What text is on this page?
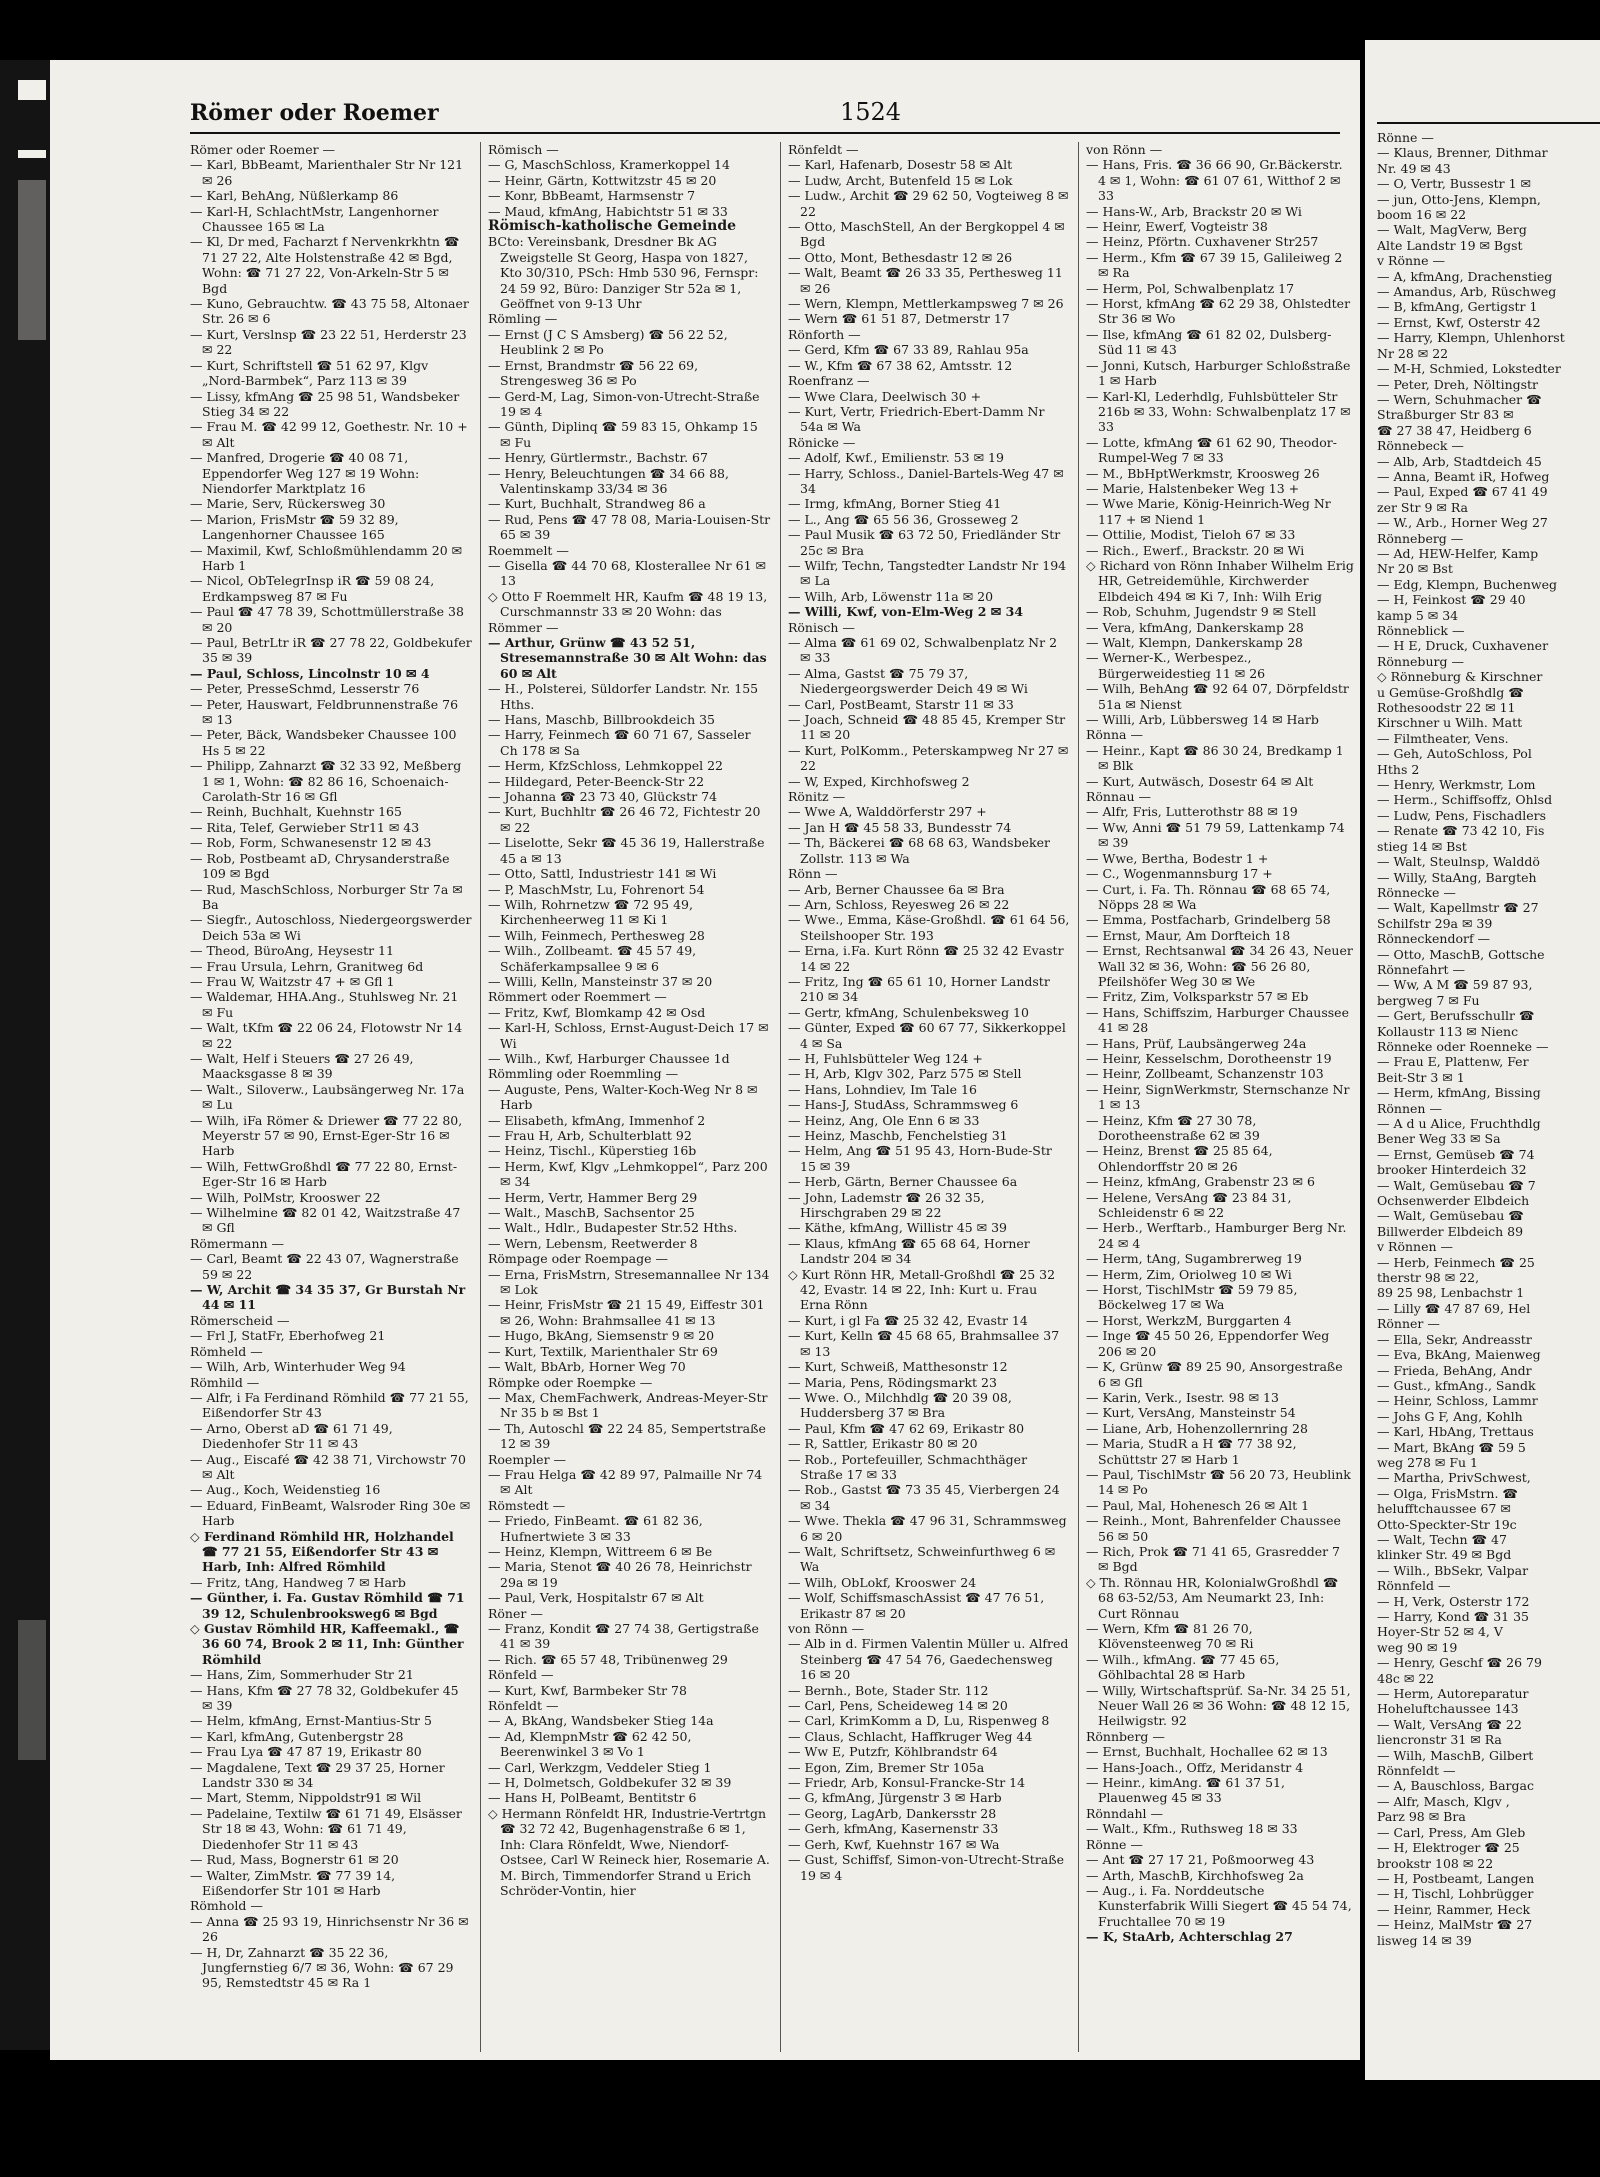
Römer oder Roemer	1524

Römer oder Roemer —

— Karl, BbBeamt, Marienthaler Str Nr 121 ✉ 26

— Karl, BehAng, Nüßlerkamp 86

— Karl-H, SchlachtMstr, Langenhorner Chaussee 165 ✉ La

— Kl, Dr med, Facharzt f Nervenkrkhtn ☎ 71 27 22, Alte Holstenstraße 42 ✉ Bgd, Wohn: ☎ 71 27 22, Von-Arkeln-Str 5 ✉ Bgd

— Kuno, Gebrauchtw. ☎ 43 75 58, Altonaer Str. 26 ✉ 6

— Kurt, Verslnsp ☎ 23 22 51, Herderstr 23 ✉ 22

— Kurt, Schriftstell ☎ 51 62 97, Klgv „Nord-Barmbek“, Parz 113 ✉ 39

— Lissy, kfmAng ☎ 25 98 51, Wandsbeker Stieg 34 ✉ 22

— Frau M. ☎ 42 99 12, Goethestr. Nr. 10 + ✉ Alt

— Manfred, Drogerie ☎ 40 08 71, Eppendorfer Weg 127 ✉ 19 Wohn: Niendorfer Marktplatz 16

— Marie, Serv, Rückersweg 30

— Marion, FrisMstr ☎ 59 32 89, Langenhorner Chaussee 165

— Maximil, Kwf, Schloßmühlendamm 20 ✉ Harb 1

— Nicol, ObTelegrInsp iR ☎ 59 08 24, Erdkampsweg 87 ✉ Fu

— Paul ☎ 47 78 39, Schottmüllerstraße 38 ✉ 20

— Paul, BetrLtr iR ☎ 27 78 22, Goldbekufer 35 ✉ 39

— Paul, Schloss, Lincolnstr 10 ✉ 4

— Peter, PresseSchmd, Lesserstr 76

— Peter, Hauswart, Feldbrunnenstraße 76 ✉ 13

— Peter, Bäck, Wandsbeker Chaussee 100 Hs 5 ✉ 22

— Philipp, Zahnarzt ☎ 32 33 92, Meßberg 1 ✉ 1, Wohn: ☎ 82 86 16, Schoenaich-Carolath-Str 16 ✉ Gfl

— Reinh, Buchhalt, Kuehnstr 165

— Rita, Telef, Gerwieber Str11 ✉ 43

— Rob, Form, Schwanesenstr 12 ✉ 43

— Rob, Postbeamt aD, Chrysanderstraße 109 ✉ Bgd

— Rud, MaschSchloss, Norburger Str 7a ✉ Ba

— Siegfr., Autoschloss, Niedergeorgswerder Deich 53a ✉ Wi

— Theod, BüroAng, Heysestr 11

— Frau Ursula, Lehrn, Granitweg 6d

— Frau W, Waitzstr 47 + ✉ Gfl 1

— Waldemar, HHA.Ang., Stuhlsweg Nr. 21 ✉ Fu

— Walt, tKfm ☎ 22 06 24, Flotowstr Nr 14 ✉ 22

— Walt, Helf i Steuers ☎ 27 26 49, Maacksgasse 8 ✉ 39

— Walt., Siloverw., Laubsängerweg Nr. 17a ✉ Lu

— Wilh, iFa Römer & Driewer ☎ 77 22 80, Meyerstr 57 ✉ 90, Ernst-Eger-Str 16 ✉ Harb

— Wilh, FettwGroßhdl ☎ 77 22 80, Ernst-Eger-Str 16 ✉ Harb

— Wilh, PolMstr, Krooswег 22

— Wilhelmine ☎ 82 01 42, Waitzstraße 47 ✉ Gfl

Römermann —

— Carl, Beamt ☎ 22 43 07, Wagnerstraße 59 ✉ 22

— W, Archit ☎ 34 35 37, Gr Burstah Nr 44 ✉ 11

Römerscheid —

— Frl J, StatFr, Eberhofweg 21

Römheld —

— Wilh, Arb, Winterhuder Weg 94

Römhild —

— Alfr, i Fa Ferdinand Römhild ☎ 77 21 55, Eißendorfer Str 43

— Arno, Oberst aD ☎ 61 71 49, Diedenhofer Str 11 ✉ 43

— Aug., Eiscafé ☎ 42 38 71, Virchowstr 70 ✉ Alt

— Aug., Koch, Weidenstieg 16

— Eduard, FinBeamt, Walsroder Ring 30e ✉ Harb

◇ Ferdinand Römhild HR, Holzhandel ☎ 77 21 55, Eißendorfer Str 43 ✉ Harb, Inh: Alfred Römhild

— Fritz, tAng, Handweg 7 ✉ Harb

— Günther, i. Fa. Gustav Römhild ☎ 71 39 12, Schulenbrooksweg6 ✉ Bgd

◇ Gustav Römhild HR, Kaffeemakl., ☎ 36 60 74, Brook 2 ✉ 11, Inh: Günther Römhild

— Hans, Zim, Sommerhuder Str 21

— Hans, Kfm ☎ 27 78 32, Goldbekufer 45 ✉ 39

— Helm, kfmAng, Ernst-Mantius-Str 5

— Karl, kfmAng, Gutenbergstr 28

— Frau Lya ☎ 47 87 19, Erikastr 80

— Magdalene, Text ☎ 29 37 25, Horner Landstr 330 ✉ 34

— Mart, Stemm, Nippoldstr91 ✉ Wil

— Padelaine, Textilw ☎ 61 71 49, Elsässer Str 18 ✉ 43, Wohn: ☎ 61 71 49, Diedenhofer Str 11 ✉ 43

— Rud, Mass, Bognerstr 61 ✉ 20

— Walter, ZimMstr. ☎ 77 39 14, Eißendorfer Str 101 ✉ Harb

Römhold —

— Anna ☎ 25 93 19, Hinrichsenstr Nr 36 ✉ 26

— H, Dr, Zahnarzt ☎ 35 22 36, Jungfernstieg 6/7 ✉ 36, Wohn: ☎ 67 29 95, Remstedtstr 45 ✉ Ra 1

Römisch —

— G, MaschSchloss, Kramerkoppel 14

— Heinr, Gärtn, Kottwitzstr 45 ✉ 20

— Konr, BbBeamt, Harmsenstr 7

— Maud, kfmAng, Habichtstr 51 ✉ 33

Römisch-katholische Gemeinde

BCto: Vereinsbank, Dresdner Bk AG Zweigstelle St Georg, Haspa von 1827, Kto 30/310, PSch: Hmb 530 96, Fernspr: 24 59 92, Büro: Danziger Str 52a ✉ 1, Geöffnet von 9-13 Uhr

Römling —

— Ernst (J C S Amsberg) ☎ 56 22 52, Heublink 2 ✉ Po

— Ernst, Brandmstr ☎ 56 22 69, Strengesweg 36 ✉ Po

— Gerd-M, Lag, Simon-von-Utrecht-Straße 19 ✉ 4

— Günth, Diplinq ☎ 59 83 15, Ohkamp 15 ✉ Fu

— Henry, Gürtlermstr., Bachstr. 67

— Henry, Beleuchtungen ☎ 34 66 88, Valentinskamp 33/34 ✉ 36

— Kurt, Buchhalt, Strandweg 86 a

— Rud, Pens ☎ 47 78 08, Maria-Louisen-Str 65 ✉ 39

Roemmelt —

— Gisella ☎ 44 70 68, Klosterallee Nr 61 ✉ 13

◇ Otto F Roemmelt HR, Kaufm ☎ 48 19 13, Curschmannstr 33 ✉ 20 Wohn: das

Römmer —

— Arthur, Grünw ☎ 43 52 51, Stresemannstraße 30 ✉ Alt Wohn: das 60 ✉ Alt

— H., Polsterei, Süldorfer Landstr. Nr. 155 Hths.

— Hans, Maschb, Billbrookdeich 35

— Harry, Feinmech ☎ 60 71 67, Sasseler Ch 178 ✉ Sa

— Herm, KfzSchloss, Lehmkoppel 22

— Hildegard, Peter-Beenck-Str 22

— Johanna ☎ 23 73 40, Glückstr 74

— Kurt, Buchhltr ☎ 26 46 72, Fichtestr 20 ✉ 22

— Liselotte, Sekr ☎ 45 36 19, Hallerstraße 45 a ✉ 13

— Otto, Sattl, Industriestr 141 ✉ Wi

— P, MaschMstr, Lu, Fohrenort 54

— Wilh, Rohrnetzw ☎ 72 95 49, Kirchenheerweg 11 ✉ Ki 1

— Wilh, Feinmech, Perthesweg 28

— Wilh., Zollbeamt. ☎ 45 57 49, Schäferkampsallee 9 ✉ 6

— Willi, Kelln, Mansteinstr 37 ✉ 20

Römmert oder Roemmert —

— Fritz, Kwf, Blomkamp 42 ✉ Osd

— Karl-H, Schloss, Ernst-August-Deich 17 ✉ Wi

— Wilh., Kwf, Harburger Chaussee 1d

Römmling oder Roemmling —

— Auguste, Pens, Walter-Koch-Weg Nr 8 ✉ Harb

— Elisabeth, kfmAng, Immenhof 2

— Frau H, Arb, Schulterblatt 92

— Heinz, Tischl., Küperstieg 16b

— Herm, Kwf, Klgv „Lehmkoppel“, Parz 200 ✉ 34

— Herm, Vertr, Hammer Berg 29

— Walt., MaschB, Sachsentor 25

— Walt., Hdlr., Budapester Str.52 Hths.

— Wern, Lebensm, Reetwerder 8

Römpage oder Roempage —

— Erna, FrisMstrn, Stresemannallee Nr 134 ✉ Lok

— Heinr, FrisMstr ☎ 21 15 49, Eiffestr 301 ✉ 26, Wohn: Brahmsallee 41 ✉ 13

— Hugo, BkAng, Siemsenstr 9 ✉ 20

— Kurt, Textilk, Marienthaler Str 69

— Walt, BbArb, Horner Weg 70

Römpke oder Roempke —

— Max, ChemFachwerk, Andreas-Meyer-Str Nr 35 b ✉ Bst 1

— Th, Autoschl ☎ 22 24 85, Sempertstraße 12 ✉ 39

Roempler —

— Frau Helga ☎ 42 89 97, Palmaille Nr 74 ✉ Alt

Römstedt —

— Friedo, FinBeamt. ☎ 61 82 36, Hufnertwiete 3 ✉ 33

— Heinz, Klempn, Wittreem 6 ✉ Be

— Maria, Stenot ☎ 40 26 78, Heinrichstr 29a ✉ 19

— Paul, Verk, Hospitalstr 67 ✉ Alt

Röner —

— Franz, Kondit ☎ 27 74 38, Gertigstraße 41 ✉ 39

— Rich. ☎ 65 57 48, Tribünenweg 29

Rönfeld —

— Kurt, Kwf, Barmbeker Str 78

Rönfeldt —

— A, BkAng, Wandsbeker Stieg 14a

— Ad, KlempnMstr ☎ 62 42 50, Beerenwinkel 3 ✉ Vo 1

— Carl, Werkzgm, Veddeler Stieg 1

— H, Dolmetsch, Goldbekufer 32 ✉ 39

— Hans H, PolBeamt, Bentitstr 6

◇ Hermann Rönfeldt HR, Industrie-Vertrtgn ☎ 32 72 42, Bugenhagenstraße 6 ✉ 1, Inh: Clara Rönfeldt, Wwe, Niendorf-Ostsee, Carl W Reineck hier, Rosemarie A. M. Birch, Timmendorfer Strand u Erich Schröder-Vontin, hier

Rönfeldt —

— Karl, Hafenarb, Dosestr 58 ✉ Alt

— Ludw, Archt, Butenfeld 15 ✉ Lok

— Ludw., Archit ☎ 29 62 50, Vogteiweg 8 ✉ 22

— Otto, MaschStell, An der Bergkoppel 4 ✉ Bgd

— Otto, Mont, Bethesdastr 12 ✉ 26

— Walt, Beamt ☎ 26 33 35, Perthesweg 11 ✉ 26

— Wern, Klempn, Mettlerkampsweg 7 ✉ 26

— Wern ☎ 61 51 87, Detmerstr 17

Rönforth —

— Gerd, Kfm ☎ 67 33 89, Rahlau 95a

— W., Kfm ☎ 67 38 62, Amtsstr. 12

Roenfranz —

— Wwe Clara, Deelwisch 30 +

— Kurt, Vertr, Friedrich-Ebert-Damm Nr 54a ✉ Wa

Rönicke —

— Adolf, Kwf., Emilienstr. 53 ✉ 19

— Harry, Schloss., Daniel-Bartels-Weg 47 ✉ 34

— Irmg, kfmAng, Borner Stieg 41

— L., Ang ☎ 65 56 36, Grosseweg 2

— Paul Musik ☎ 63 72 50, Friedländer Str 25c ✉ Bra

— Wilfr, Techn, Tangstedter Landstr Nr 194 ✉ La

— Wilh, Arb, Löwenstr 11a ✉ 20

— Willi, Kwf, von-Elm-Weg 2 ✉ 34

Rönisch —

— Alma ☎ 61 69 02, Schwalbenplatz Nr 2 ✉ 33

— Alma, Gastst ☎ 75 79 37, Niedergeorgswerder Deich 49 ✉ Wi

— Carl, PostBeamt, Starstr 11 ✉ 33

— Joach, Schneid ☎ 48 85 45, Kremper Str 11 ✉ 20

— Kurt, PolKomm., Peterskampweg Nr 27 ✉ 22

— W, Exped, Kirchhofsweg 2

Rönitz —

— Wwe A, Walddörferstr 297 +

— Jan H ☎ 45 58 33, Bundesstr 74

— Th, Bäckerei ☎ 68 68 63, Wandsbeker Zollstr. 113 ✉ Wa

Rönn —

— Arb, Berner Chaussee 6a ✉ Bra

— Arn, Schloss, Reyesweg 26 ✉ 22

— Wwe., Emma, Käse-Großhdl. ☎ 61 64 56, Steilshooper Str. 193

— Erna, i.Fa. Kurt Rönn ☎ 25 32 42 Evastr 14 ✉ 22

— Fritz, Ing ☎ 65 61 10, Horner Landstr 210 ✉ 34

— Gertr, kfmAng, Schulenbeksweg 10

— Günter, Exped ☎ 60 67 77, Sikkerkoppel 4 ✉ Sa

— H, Fuhlsbütteler Weg 124 +

— H, Arb, Klgv 302, Parz 575 ✉ Stell

— Hans, Lohndiev, Im Tale 16

— Hans-J, StudAss, Schrammsweg 6

— Heinz, Ang, Ole Enn 6 ✉ 33

— Heinz, Maschb, Fenchelstieg 31

— Helm, Ang ☎ 51 95 43, Horn-Bude-Str 15 ✉ 39

— Herb, Gärtn, Berner Chaussee 6a

— John, Lademstr ☎ 26 32 35, Hirschgraben 29 ✉ 22

— Käthe, kfmAng, Willistr 45 ✉ 39

— Klaus, kfmAng ☎ 65 68 64, Horner Landstr 204 ✉ 34

◇ Kurt Rönn HR, Metall-Großhdl ☎ 25 32 42, Evastr. 14 ✉ 22, Inh: Kurt u. Frau Erna Rönn

— Kurt, i gl Fa ☎ 25 32 42, Evastr 14

— Kurt, Kelln ☎ 45 68 65, Brahmsallee 37 ✉ 13

— Kurt, Schweiß, Matthesonstr 12

— Maria, Pens, Rödingsmarkt 23

— Wwe. O., Milchhdlg ☎ 20 39 08, Huddersberg 37 ✉ Bra

— Paul, Kfm ☎ 47 62 69, Erikastr 80

— R, Sattler, Erikastr 80 ✉ 20

— Rob., Portefeuiller, Schmachthäger Straße 17 ✉ 33

— Rob., Gastst ☎ 73 35 45, Vierbergen 24 ✉ 34

— Wwe. Thekla ☎ 47 96 31, Schrammsweg 6 ✉ 20

— Walt, Schriftsetz, Schweinfurthweg 6 ✉ Wa

— Wilh, ObLokf, Krooswег 24

— Wolf, SchiffsmaschAssist ☎ 47 76 51, Erikastr 87 ✉ 20

von Rönn —

— Alb in d. Firmen Valentin Müller u. Alfred Steinberg ☎ 47 54 76, Gaedechensweg 16 ✉ 20

— Bernh., Bote, Stader Str. 112

— Carl, Pens, Scheideweg 14 ✉ 20

— Carl, KrimKomm a D, Lu, Rispenweg 8

— Claus, Schlacht, Haffkruger Weg 44

— Ww E, Putzfr, Köhlbrandstr 64

— Egon, Zim, Bremer Str 105a

— Friedr, Arb, Konsul-Francke-Str 14

— G, kfmAng, Jürgenstr 3 ✉ Harb

— Georg, LagArb, Dankersstr 28

— Gerh, kfmAng, Kasernenstr 33

— Gerh, Kwf, Kuehnstr 167 ✉ Wa

— Gust, Schiffsf, Simon-von-Utrecht-Straße 19 ✉ 4

von Rönn —

— Hans, Fris. ☎ 36 66 90, Gr.Bäckerstr. 4 ✉ 1, Wohn: ☎ 61 07 61, Witthof 2 ✉ 33

— Hans-W., Arb, Brackstr 20 ✉ Wi

— Heinr, Ewerf, Vogteistr 38

— Heinz, Pförtn. Cuxhavener Str257

— Herm., Kfm ☎ 67 39 15, Galileiweg 2 ✉ Ra

— Herm, Pol, Schwalbenplatz 17

— Horst, kfmAng ☎ 62 29 38, Ohlstedter Str 36 ✉ Wo

— Ilse, kfmAng ☎ 61 82 02, Dulsberg-Süd 11 ✉ 43

— Jonni, Kutsch, Harburger Schloßstraße 1 ✉ Harb

— Karl-Kl, Lederhdlg, Fuhlsbütteler Str 216b ✉ 33, Wohn: Schwalbenplatz 17 ✉ 33

— Lotte, kfmAng ☎ 61 62 90, Theodor-Rumpel-Weg 7 ✉ 33

— M., BbHptWerkmstr, Kroosweg 26

— Marie, Halstenbeker Weg 13 +

— Wwe Marie, König-Heinrich-Weg Nr 117 + ✉ Niend 1

— Ottilie, Modist, Tieloh 67 ✉ 33

— Rich., Ewerf., Brackstr. 20 ✉ Wi

◇ Richard von Rönn Inhaber Wilhelm Erig HR, Getreidemühle, Kirchwerder Elbdeich 494 ✉ Ki 7, Inh: Wilh Erig

— Rob, Schuhm, Jugendstr 9 ✉ Stell

— Vera, kfmAng, Dankerskamp 28

— Walt, Klempn, Dankerskamp 28

— Werner-K., Werbespez., Bürgerweidestieg 11 ✉ 26

— Wilh, BehAng ☎ 92 64 07, Dörpfeldstr 51a ✉ Nienst

— Willi, Arb, Lübbersweg 14 ✉ Harb

Rönna —

— Heinr., Kapt ☎ 86 30 24, Bredkamp 1 ✉ Blk

— Kurt, Autwäsch, Dosestr 64 ✉ Alt

Rönnau —

— Alfr, Fris, Lutterothstr 88 ✉ 19

— Ww, Anni ☎ 51 79 59, Lattenkamp 74 ✉ 39

— Wwe, Bertha, Bodestr 1 +

— C., Wogenmannsburg 17 +

— Curt, i. Fa. Th. Rönnau ☎ 68 65 74, Nöpps 28 ✉ Wa

— Emma, Postfacharb, Grindelberg 58

— Ernst, Maur, Am Dorfteich 18

— Ernst, Rechtsanwal ☎ 34 26 43, Neuer Wall 32 ✉ 36, Wohn: ☎ 56 26 80, Pfeilshöfer Weg 30 ✉ We

— Fritz, Zim, Volksparkstr 57 ✉ Eb

— Hans, Schiffszim, Harburger Chaussee 41 ✉ 28

— Hans, Prüf, Laubsängerweg 24a

— Heinr, Kesselschm, Dorotheenstr 19

— Heinr, Zollbeamt, Schanzenstr 103

— Heinr, SignWerkmstr, Sternschanze Nr 1 ✉ 13

— Heinz, Kfm ☎ 27 30 78, Dorotheenstraße 62 ✉ 39

— Heinz, Brenst ☎ 25 85 64, Ohlendorffstr 20 ✉ 26

— Heinz, kfmAng, Grabenstr 23 ✉ 6

— Helene, VersAng ☎ 23 84 31, Schleidenstr 6 ✉ 22

— Herb., Werftarb., Hamburger Berg Nr. 24 ✉ 4

— Herm, tAng, Sugambrerweg 19

— Herm, Zim, Oriolweg 10 ✉ Wi

— Horst, TischlMstr ☎ 59 79 85, Böckelweg 17 ✉ Wa

— Horst, WerkzM, Burggarten 4

— Inge ☎ 45 50 26, Eppendorfer Weg 206 ✉ 20

— K, Grünw ☎ 89 25 90, Ansorgestraße 6 ✉ Gfl

— Karin, Verk., Isestr. 98 ✉ 13

— Kurt, VersAng, Mansteinstr 54

— Liane, Arb, Hohenzollernring 28

— Maria, StudR a H ☎ 77 38 92, Schüttstr 27 ✉ Harb 1

— Paul, TischlMstr ☎ 56 20 73, Heublink 14 ✉ Po

— Paul, Mal, Hohenesch 26 ✉ Alt 1

— Reinh., Mont, Bahrenfelder Chaussee 56 ✉ 50

— Rich, Prok ☎ 71 41 65, Grasredder 7 ✉ Bgd

◇ Th. Rönnau HR, KolonialwGroßhdl ☎ 68 63-52/53, Am Neumarkt 23, Inh: Curt Rönnau

— Wern, Kfm ☎ 81 26 70, Klövensteenweg 70 ✉ Ri

— Wilh., kfmAng. ☎ 77 45 65, Göhlbachtal 28 ✉ Harb

— Willy, Wirtschaftsprüf. Sa-Nr. 34 25 51, Neuer Wall 26 ✉ 36 Wohn: ☎ 48 12 15, Heilwigstr. 92

Rönnberg —

— Ernst, Buchhalt, Hochallee 62 ✉ 13

— Hans-Joach., Offz, Meridanstr 4

— Heinr., kimAng. ☎ 61 37 51, Plauenweg 45 ✉ 33

Rönndahl —

— Walt., Kfm., Ruthsweg 18 ✉ 33

Rönne —

— Ant ☎ 27 17 21, Poßmoorweg 43

— Arth, MaschB, Kirchhofsweg 2a

— Aug., i. Fa. Norddeutsche Kunsterfabrik Willi Siegert ☎ 45 54 74, Fruchtallee 70 ✉ 19

— K, StaArb, Achterschlag 27

Rönne —

— Klaus, Brenner, Dithmar

Nr. 49 ✉ 43

— O, Vertr, Bussestr 1 ✉

— jun, Otto-Jens, Klempn,

boom 16 ✉ 22

— Walt, MagVerw, Berg

Alte Landstr 19 ✉ Bgst

v Rönne —

— A, kfmAng, Drachenstieg

— Amandus, Arb, Rüschweg

— B, kfmAng, Gertigstr 1

— Ernst, Kwf, Osterstr 42

— Harry, Klempn, Uhlenhorst

Nr 28 ✉ 22

— M-H, Schmied, Lokstedter

— Peter, Dreh, Nöltingstr

— Wern, Schuhmacher ☎

Straßburger Str 83 ✉

☎ 27 38 47, Heidberg 6

Rönnebeck —

— Alb, Arb, Stadtdeich 45

— Anna, Beamt iR, Hofweg

— Paul, Exped ☎ 67 41 49

zer Str 9 ✉ Ra

— W., Arb., Horner Weg 27

Rönneberg —

— Ad, HEW-Helfer, Kamp

Nr 20 ✉ Bst

— Edg, Klempn, Buchenweg

— H, Feinkost ☎ 29 40

kamp 5 ✉ 34

Rönneblick —

— H E, Druck, Cuxhavener

Rönneburg —

◇ Rönneburg & Kirschner

u Gemüse-Großhdlg ☎

Rothesoodstr 22 ✉ 11

Kirschner u Wilh. Matt

— Filmtheater, Vens.

— Geh, AutoSchloss, Pol

Hths 2

— Henry, Werkmstr, Lom

— Herm., Schiffsoffz, Ohlsd

— Ludw, Pens, Fischadlers

— Renate ☎ 73 42 10, Fis

stieg 14 ✉ Bst

— Walt, Steulnsp, Walddö

— Willy, StaAng, Bargteh

Rönnecke —

— Walt, Kapellmstr ☎ 27

Schilfstr 29a ✉ 39

Rönneckendorf —

— Otto, MaschB, Gottsche

Rönnefahrt —

— Ww, A M ☎ 59 87 93,

bergweg 7 ✉ Fu

— Gert, Berufsschullr ☎

Kollaustr 113 ✉ Nienc

Rönneke oder Roenneke —

— Frau E, Plattenw, Fer

Beit-Str 3 ✉ 1

— Herm, kfmAng, Bissing

Rönnen —

— A d u Alice, Fruchthdlg

Bener Weg 33 ✉ Sa

— Ernst, Gemüseb ☎ 74

brooker Hinterdeich 32

— Walt, Gemüsebau ☎ 7

Ochsenwerder Elbdeich

— Walt, Gemüsebau ☎

Billwerder Elbdeich 89

v Rönnen —

— Herb, Feinmech ☎ 25

therstr 98 ✉ 22,

89 25 98, Lenbachstr 1

— Lilly ☎ 47 87 69, Hel

Rönner —

— Ella, Sekr, Andreasstr

— Eva, BkAng, Maienweg

— Frieda, BehAng, Andr

— Gust., kfmAng., Sandk

— Heinr, Schloss, Lammr

— Johs G F, Ang, Kohlh

— Karl, HbAng, Trettaus

— Mart, BkAng ☎ 59 5

weg 278 ✉ Fu 1

— Martha, PrivSchwest,

— Olga, FrisMstrn. ☎

helufftchaussee 67 ✉

Otto-Speckter-Str 19c

— Walt, Techn ☎ 47

klinker Str. 49 ✉ Bgd

— Wilh., BbSekr, Valpar

Rönnfeld —

— H, Verk, Osterstr 172

— Harry, Kond ☎ 31 35

Hoyer-Str 52 ✉ 4, V

weg 90 ✉ 19

— Henry, Geschf ☎ 26 79

48c ✉ 22

— Herm, Autoreparatur

Hoheluftchaussee 143

— Walt, VersAng ☎ 22

liencronstr 31 ✉ Ra

— Wilh, MaschB, Gilbert

Rönnfeldt —

— A, Bauschloss, Bargac

— Alfr, Masch, Klgv ,

Parz 98 ✉ Bra

— Carl, Press, Am Gleb

— H, Elektroger ☎ 25

brookstr 108 ✉ 22

— H, Postbeamt, Langen

— H, Tischl, Lohbrügger

— Heinr, Rammer, Heck

— Heinz, MalMstr ☎ 27

lisweg 14 ✉ 39
